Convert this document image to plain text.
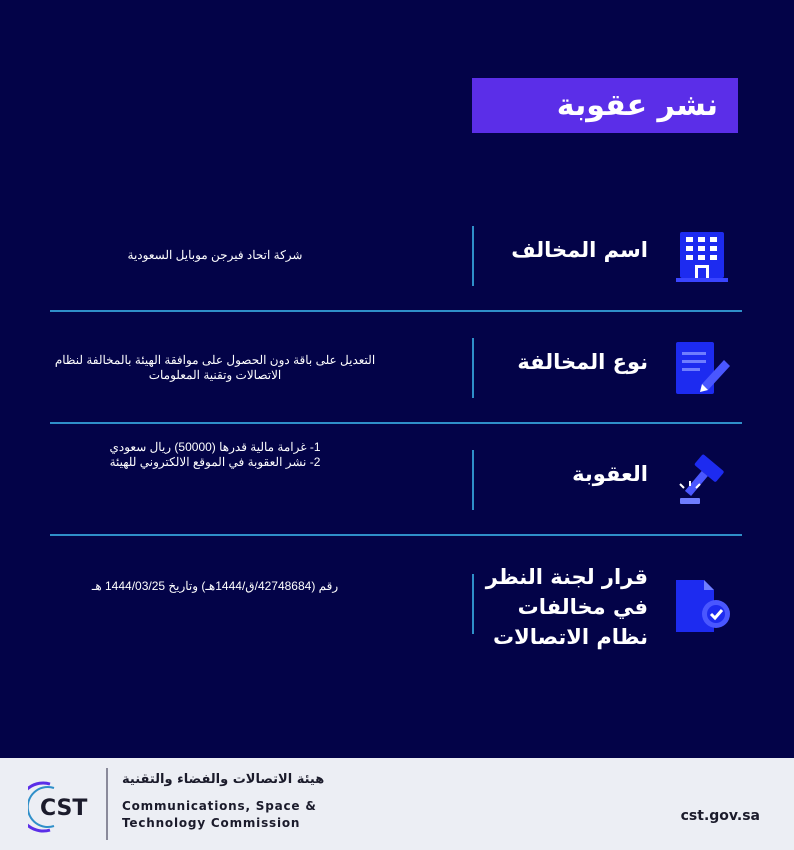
نشر عقوبة
اسم المخالف
شركة اتحاد فيرجن موبايل السعودية
نوع المخالفة
التعديل على باقة دون الحصول على موافقة الهيئة بالمخالفة لنظام الاتصالات وتقنية المعلومات
العقوبة
1- غرامة مالية قدرها (50000) ريال سعودي
2- نشر العقوبة في الموقع الالكتروني للهيئة
قرار لجنة النظر
في مخالفات
نظام الاتصالات
رقم (42748684/ق/1444هـ) وتاريخ 1444/03/25 هـ
CST
هيئة الاتصالات والفضاء والتقنية
Communications, Space &
Technology Commission	cst.gov.sa
